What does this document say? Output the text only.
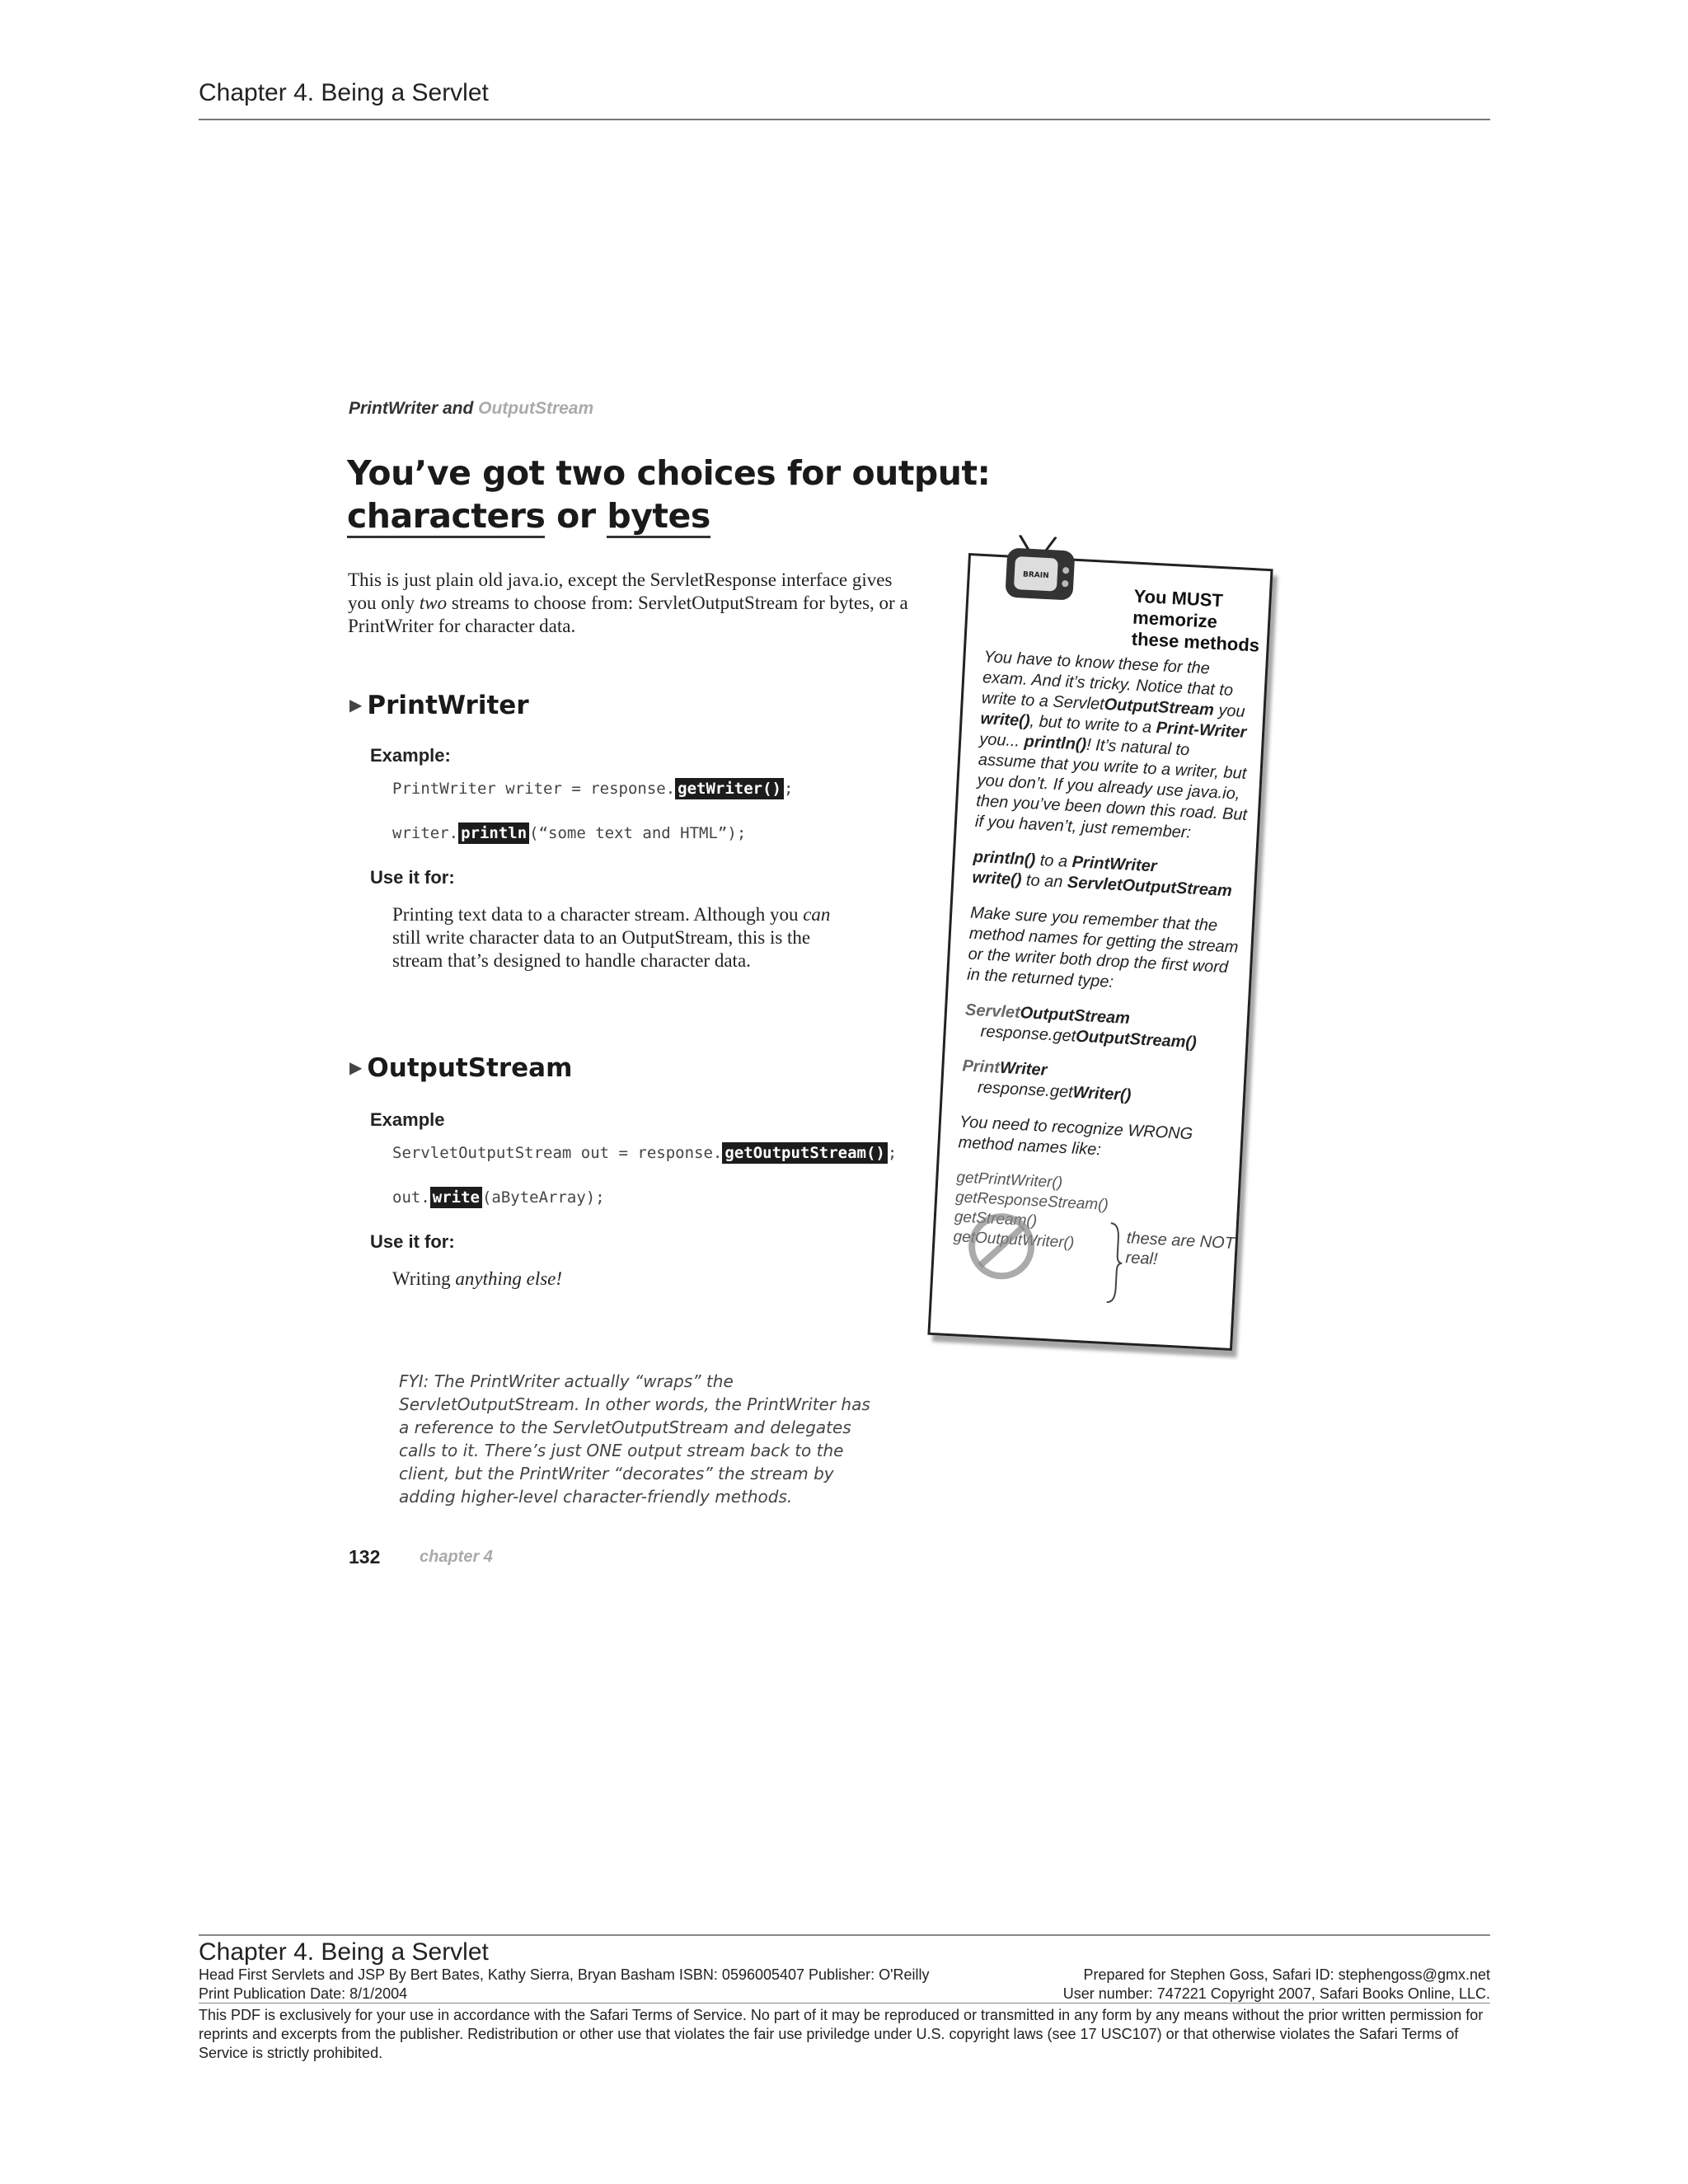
Chapter 4. Being a Servlet
PrintWriter and OutputStream
You’ve got two choices for output:
characters or bytes
This is just plain old java.io, except the ServletResponse interface gives you only two streams to choose from: ServletOutputStream for bytes, or a PrintWriter for character data.
▶ PrintWriter
Example:
PrintWriter writer = response. getWriter() ;
writer. println (“some text and HTML”);
Use it for:
Printing text data to a character stream. Although you can still write character data to an OutputStream, this is the stream that’s designed to handle character data.
▶ OutputStream
Example
ServletOutputStream out = response. getOutputStream() ;
out. write (aByteArray);
Use it for:
Writing anything else!
FYI: The PrintWriter actually “wraps” the ServletOutputStream. In other words, the PrintWriter has a reference to the ServletOutputStream and delegates calls to it. There’s just ONE output stream back to the client, but the PrintWriter “decorates” the stream by adding higher-level character-friendly methods.
132 chapter 4
BRAIN
You MUST memorize these methods

You have to know these for the exam. And it’s tricky. Notice that to write to a ServletOutputStream you write(), but to write to a Print-Writer you... println()! It’s natural to assume that you write to a writer, but you don’t. If you already use java.io, then you’ve been down this road. But if you haven’t, just remember:

println() to a PrintWriter
write() to an ServletOutputStream

Make sure you remember that the method names for getting the stream or the writer both drop the first word in the returned type:

ServletOutputStream
response.getOutputStream()

PrintWriter
response.getWriter()

You need to recognize WRONG method names like:

getPrintWriter()
getResponseStream()
getStream()
getOutputWriter()	these are NOT real!
Chapter 4. Being a Servlet
Head First Servlets and JSP By Bert Bates, Kathy Sierra, Bryan Basham ISBN: 0596005407 Publisher: O'Reilly	Prepared for Stephen Goss, Safari ID: stephengoss@gmx.net
Print Publication Date: 8/1/2004	User number: 747221 Copyright 2007, Safari Books Online, LLC.
This PDF is exclusively for your use in accordance with the Safari Terms of Service. No part of it may be reproduced or transmitted in any form by any means without the prior written permission for reprints and excerpts from the publisher. Redistribution or other use that violates the fair use priviledge under U.S. copyright laws (see 17 USC107) or that otherwise violates the Safari Terms of Service is strictly prohibited.
